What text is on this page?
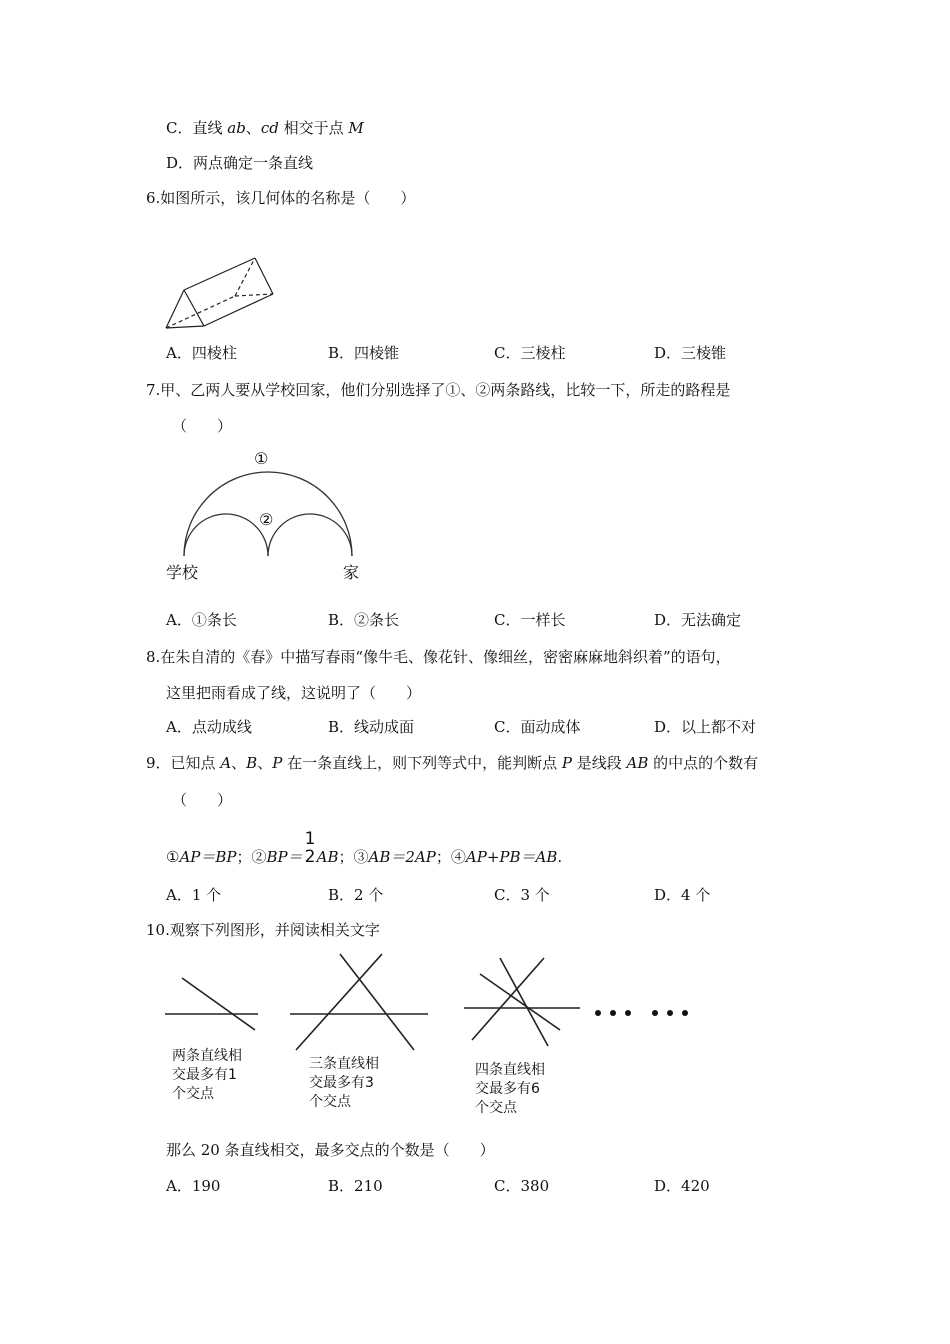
C．直线 ab、cd 相交于点 M
D．两点确定一条直线
6.如图所示，该几何体的名称是（　　）
A．四棱柱	B．四棱锥	C．三棱柱	D．三棱锥
7.甲、乙两人要从学校回家，他们分别选择了①、②两条路线，比较一下，所走的路程是
（　　）
①
②
学校	家
A．①条长	B．②条长	C．一样长	D．无法确定
8.在朱自清的《春》中描写春雨“像牛毛、像花针、像细丝，密密麻麻地斜织着”的语句，
这里把雨看成了线，这说明了（　　）
A．点动成线	B．线动成面	C．面动成体	D．以上都不对
9．已知点 A、B、P 在一条直线上，则下列等式中，能判断点 P 是线段 AB 的中点的个数有
（　　）
①AP＝BP；②BP＝
1
2 AB；③AB＝2AP；④AP+PB＝AB.
A．1 个	B．2 个	C．3 个	D．4 个
10.观察下列图形，并阅读相关文字
两条直线相
交最多有1
个交点
三条直线相
交最多有3
个交点
四条直线相
交最多有6
个交点
那么 20 条直线相交，最多交点的个数是（　　）
A．190	B．210	C．380	D．420
